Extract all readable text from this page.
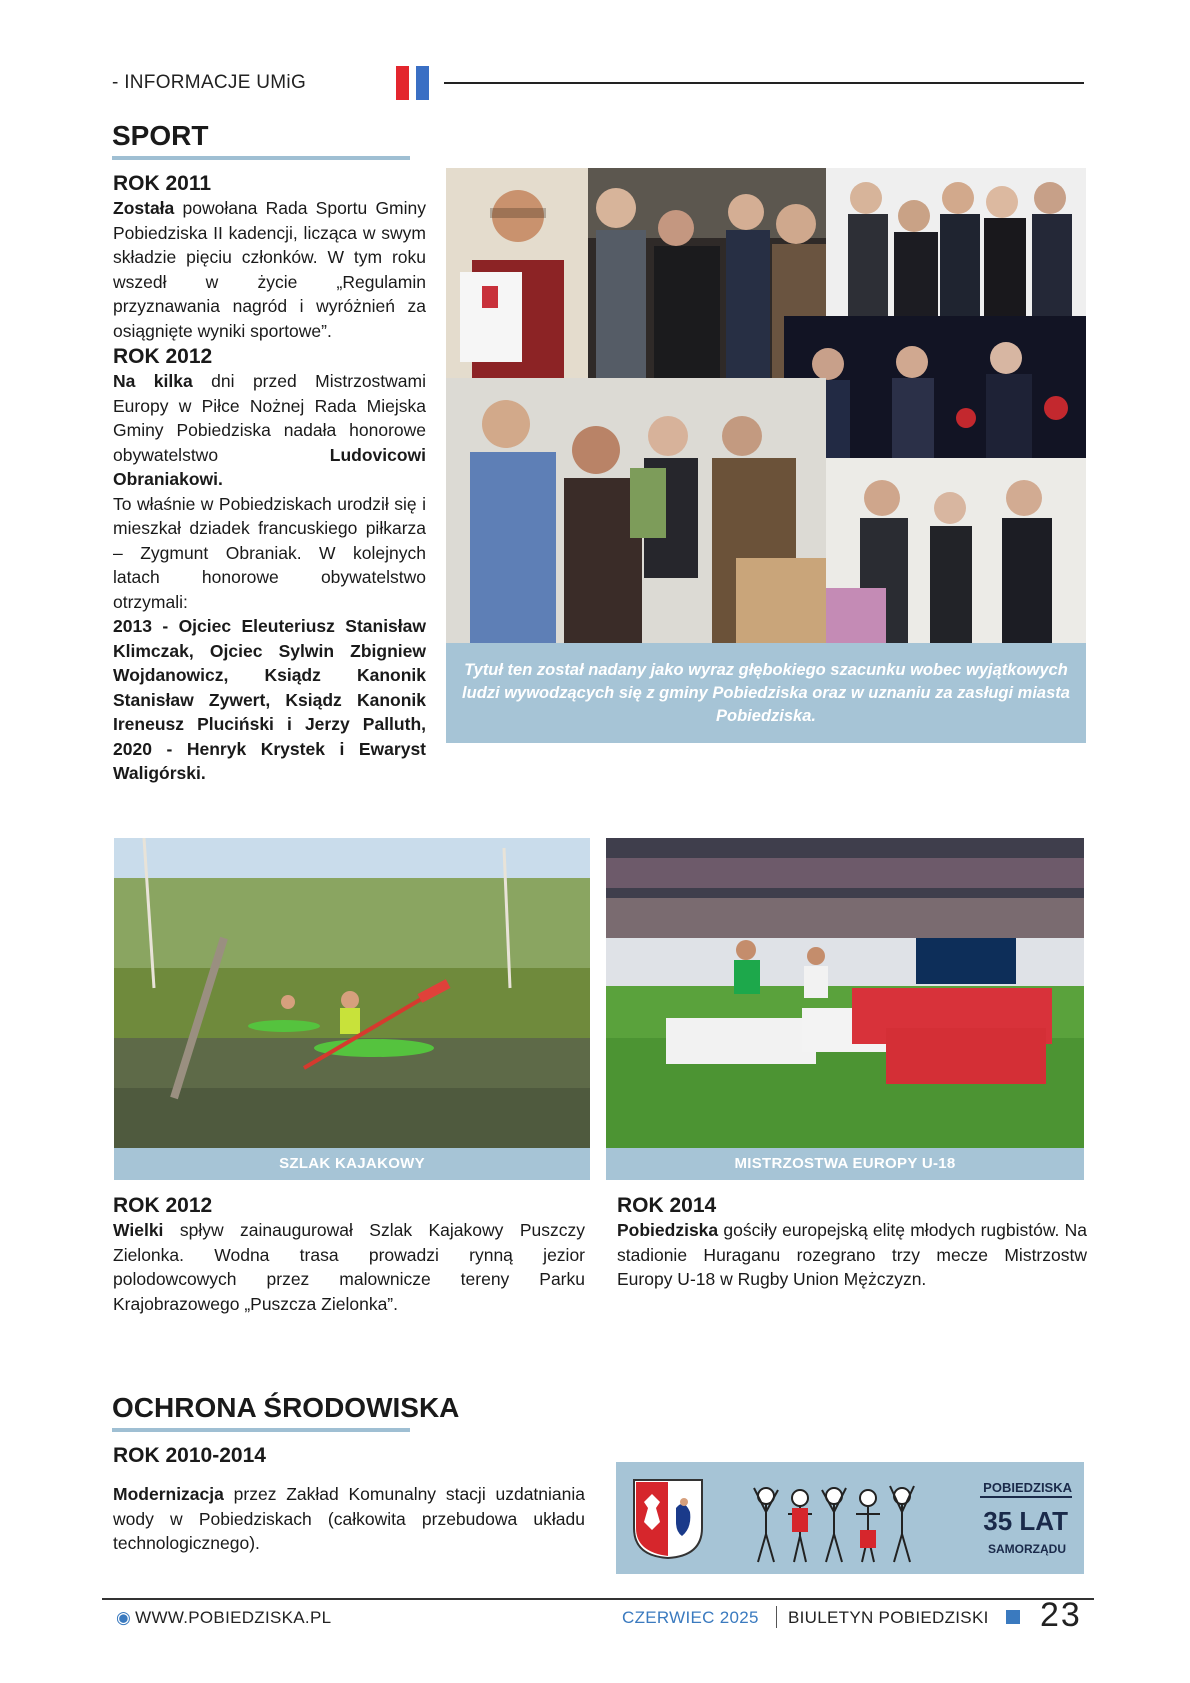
- INFORMACJE UMiG
SPORT
ROK 2011

Została powołana Rada Sportu Gminy Pobiedziska II kadencji, licząca w swym składzie pięciu członków. W tym roku wszedł w życie „Regulamin przyznawania nagród i wyróżnień za osiągnięte wyniki sportowe”.

ROK 2012

Na kilka dni przed Mistrzostwami Europy w Piłce Nożnej Rada Miejska Gminy Pobiedziska nadała honorowe obywatelstwo Ludovicowi Obraniakowi.

To właśnie w Pobiedziskach urodził się i mieszkał dziadek francuskiego piłkarza – Zygmunt Obraniak. W kolejnych latach honorowe obywatelstwo otrzymali:

2013 - Ojciec Eleuteriusz Stanisław Klimczak, Ojciec Sylwin Zbigniew Wojdanowicz, Ksiądz Kanonik Stanisław Zywert, Ksiądz Kanonik Ireneusz Pluciński i Jerzy Palluth, 2020 - Henryk Krystek i Ewaryst Waligórski.

Tytuł ten został nadany jako wyraz głębokiego szacunku wobec wyjątkowych ludzi wywodzących się z gminy Pobiedziska oraz w uznaniu za zasługi miasta Pobiedziska.
SZLAK KAJAKOWY	MISTRZOSTWA EUROPY U-18
ROK 2012

Wielki spływ zainaugurował Szlak Kajakowy Puszczy Zielonka. Wodna trasa prowadzi rynną jezior polodowcowych przez malownicze tereny Parku Krajobrazowego „Puszcza Zielonka”.

ROK 2014

Pobiedziska gościły europejską elitę młodych rugbistów. Na stadionie Huraganu rozegrano trzy mecze Mistrzostw Europy U-18 w Rugby Union Mężczyzn.

OCHRONA ŚRODOWISKA
ROK 2010-2014

Modernizacja przez Zakład Komunalny stacji uzdatniania wody w Pobiedziskach (całkowita przebudowa układu technologicznego).

POBIEDZISKA
35 LAT
SAMORZĄDU
◉ WWW.POBIEDZISKA.PL	CZERWIEC 2025 BIULETYN POBIEDZISKI 23
